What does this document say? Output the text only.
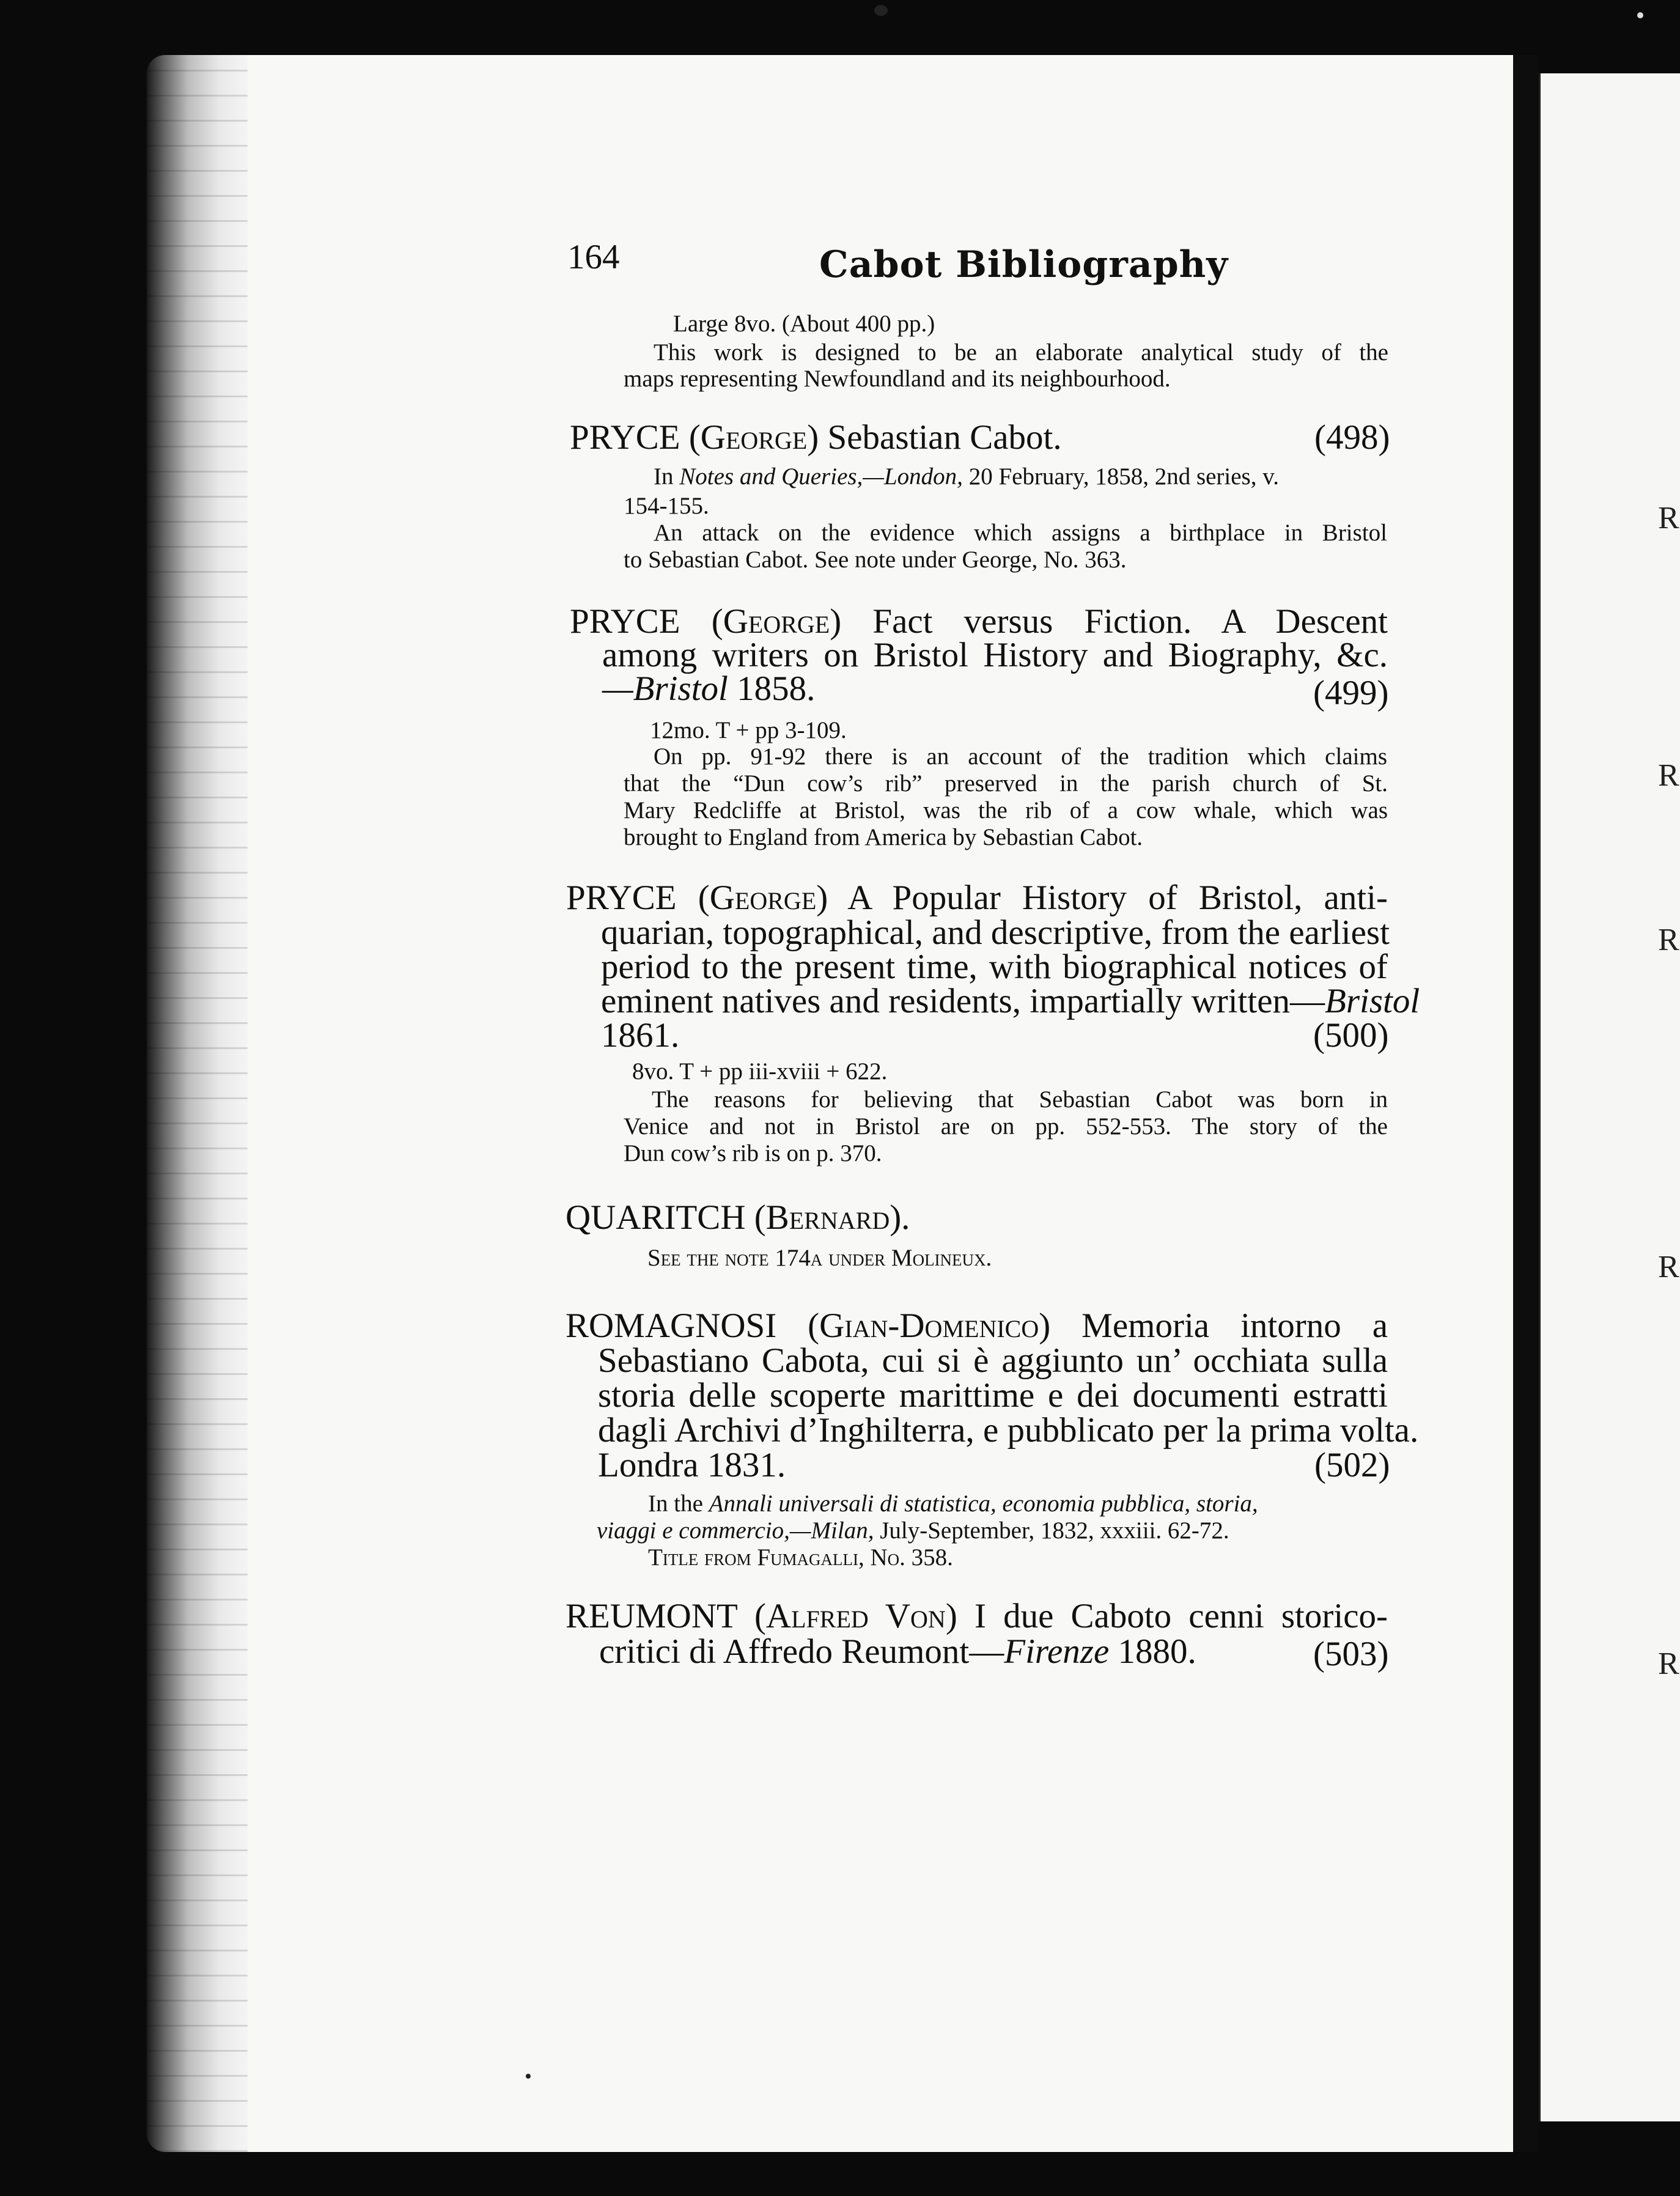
R
R
R
R
R
164	Cabot Bibliography
Large 8vo. (About 400 pp.)
This work is designed to be an elaborate analytical study of the
maps representing Newfoundland and its neighbourhood.
PRYCE (George) Sebastian Cabot.	(498)
In Notes and Queries,—London, 20 February, 1858, 2nd series, v.
154-155.
An attack on the evidence which assigns a birthplace in Bristol
to Sebastian Cabot. See note under George, No. 363.
PRYCE (George) Fact versus Fiction. A Descent
among writers on Bristol History and Biography, &c.
—Bristol 1858.	(499)
12mo. T + pp 3-109.
On pp. 91-92 there is an account of the tradition which claims
that the “Dun cow’s rib” preserved in the parish church of St.
Mary Redcliffe at Bristol, was the rib of a cow whale, which was
brought to England from America by Sebastian Cabot.
PRYCE (George) A Popular History of Bristol, anti-
quarian, topographical, and descriptive, from the earliest
period to the present time, with biographical notices of
eminent natives and residents, impartially written—Bristol
1861.	(500)
8vo. T + pp iii-xviii + 622.
The reasons for believing that Sebastian Cabot was born in
Venice and not in Bristol are on pp. 552-553. The story of the
Dun cow’s rib is on p. 370.
QUARITCH (Bernard).
See the note 174a under Molineux.
ROMAGNOSI (Gian-Domenico) Memoria intorno a
Sebastiano Cabota, cui si è aggiunto un’ occhiata sulla
storia delle scoperte marittime e dei documenti estratti
dagli Archivi d’Inghilterra, e pubblicato per la prima volta.
Londra 1831.	(502)
In the Annali universali di statistica, economia pubblica, storia,
viaggi e commercio,—Milan, July-September, 1832, xxxiii. 62-72.
Title from Fumagalli, No. 358.
REUMONT (Alfred Von) I due Caboto cenni storico-
critici di Affredo Reumont—Firenze 1880.	(503)
